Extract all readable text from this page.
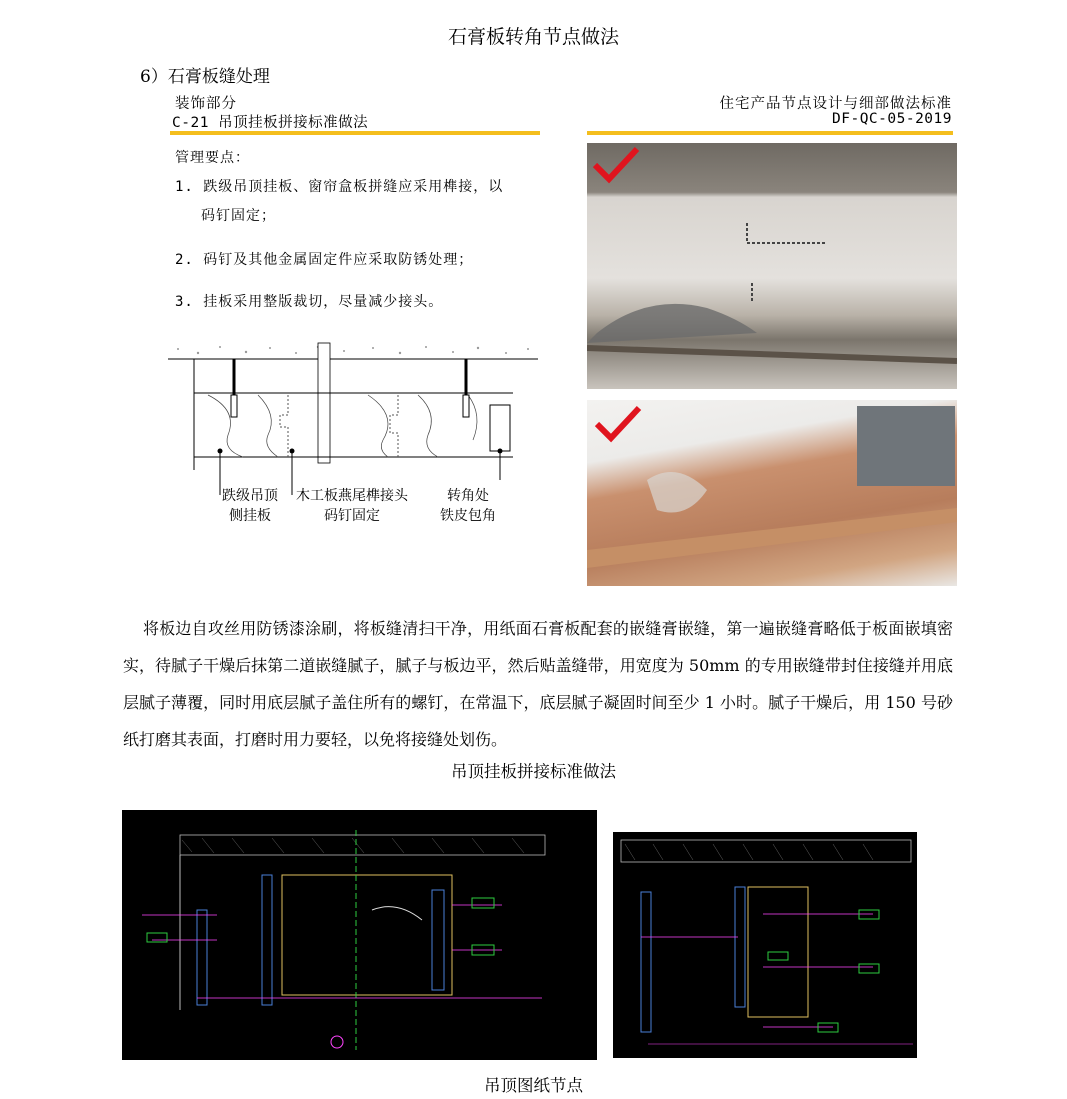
石膏板转角节点做法
6）石膏板缝处理
装饰部分
C-21 吊顶挂板拼接标准做法
住宅产品节点设计与细部做法标准
DF-QC-05-2019
管理要点：
1. 跌级吊顶挂板、窗帘盒板拼缝应采用榫接，以
码钉固定；
2. 码钉及其他金属固定件应采取防锈处理；
3. 挂板采用整版裁切，尽量减少接头。
跌级吊顶
侧挂板
木工板燕尾榫接头
码钉固定
转角处
铁皮包角
将板边自攻丝用防锈漆涂刷，将板缝清扫干净，用纸面石膏板配套的嵌缝膏嵌缝，第一遍嵌缝膏略低于板面嵌填密实，待腻子干燥后抹第二道嵌缝腻子，腻子与板边平，然后贴盖缝带，用宽度为 50mm 的专用嵌缝带封住接缝并用底层腻子薄覆，同时用底层腻子盖住所有的螺钉，在常温下，底层腻子凝固时间至少 1 小时。腻子干燥后，用 150 号砂纸打磨其表面，打磨时用力要轻，以免将接缝处划伤。
吊顶挂板拼接标准做法
吊顶图纸节点
